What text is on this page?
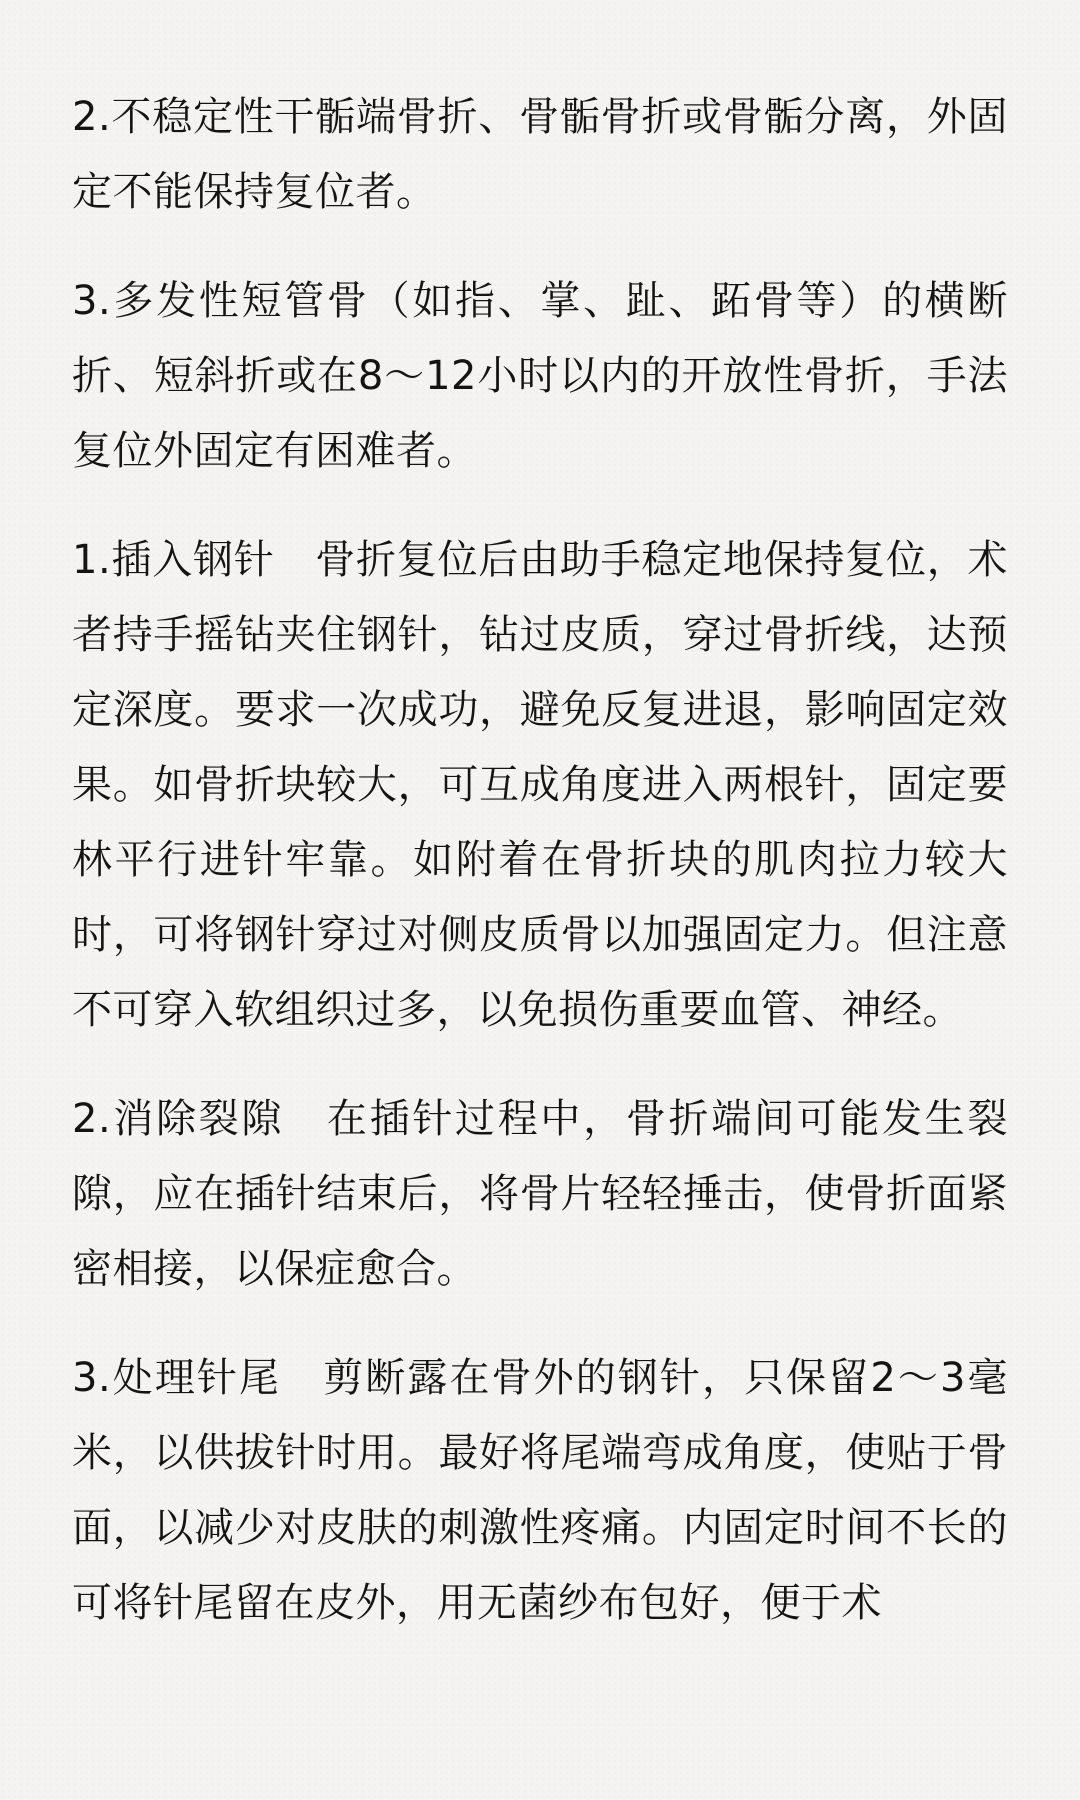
2.不稳定性干骺端骨折、骨骺骨折或骨骺分离，外固定不能保持复位者。

3.多发性短管骨（如指、掌、趾、跖骨等）的横断折、短斜折或在8～12小时以内的开放性骨折，手法复位外固定有困难者。

1.插入钢针　骨折复位后由助手稳定地保持复位，术者持手摇钻夹住钢针，钻过皮质，穿过骨折线，达预定深度。要求一次成功，避免反复进退，影响固定效果。如骨折块较大，可互成角度进入两根针，固定要林平行进针牢靠。如附着在骨折块的肌肉拉力较大时，可将钢针穿过对侧皮质骨以加强固定力。但注意不可穿入软组织过多，以免损伤重要血管、神经。

2.消除裂隙　在插针过程中，骨折端间可能发生裂隙，应在插针结束后，将骨片轻轻捶击，使骨折面紧密相接，以保症愈合。

3.处理针尾　剪断露在骨外的钢针，只保留2～3毫米，以供拔针时用。最好将尾端弯成角度，使贴于骨面，以减少对皮肤的刺激性疼痛。内固定时间不长的可将针尾留在皮外，用无菌纱布包好，便于术
